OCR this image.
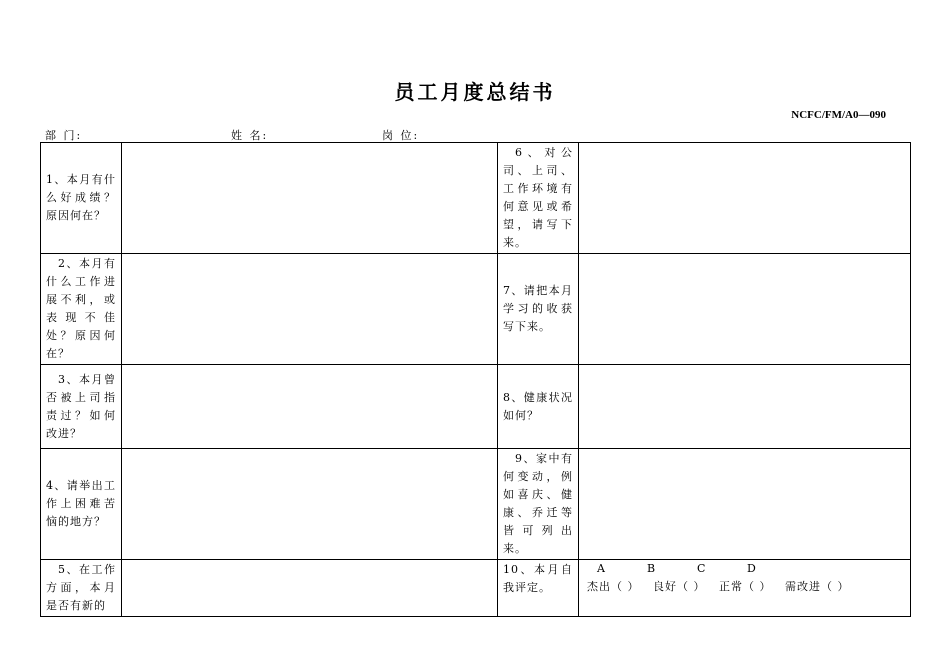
员工月度总结书
NCFC/FM/A0—090
部 门:	姓 名:	岗 位:
1、本月有什么好成绩？原因何在？		6、对公司、上司、工作环境有何意见或希望，请写下来。	
2、本月有什么工作进展不利，或表现不佳处？原因何在？		7、请把本月学习的收获写下来。	
3、本月曾否被上司指责过？如何改进？		8、健康状况如何？	
4、请举出工作上困难苦恼的地方？		9、家中有何变动，例如喜庆、健康、乔迁等皆可列出来。	
5、在工作方面，本月是否有新的		10、本月自我评定。	A B C D
杰出（ ） 良好（ ） 正常（ ） 需改进（ ）
